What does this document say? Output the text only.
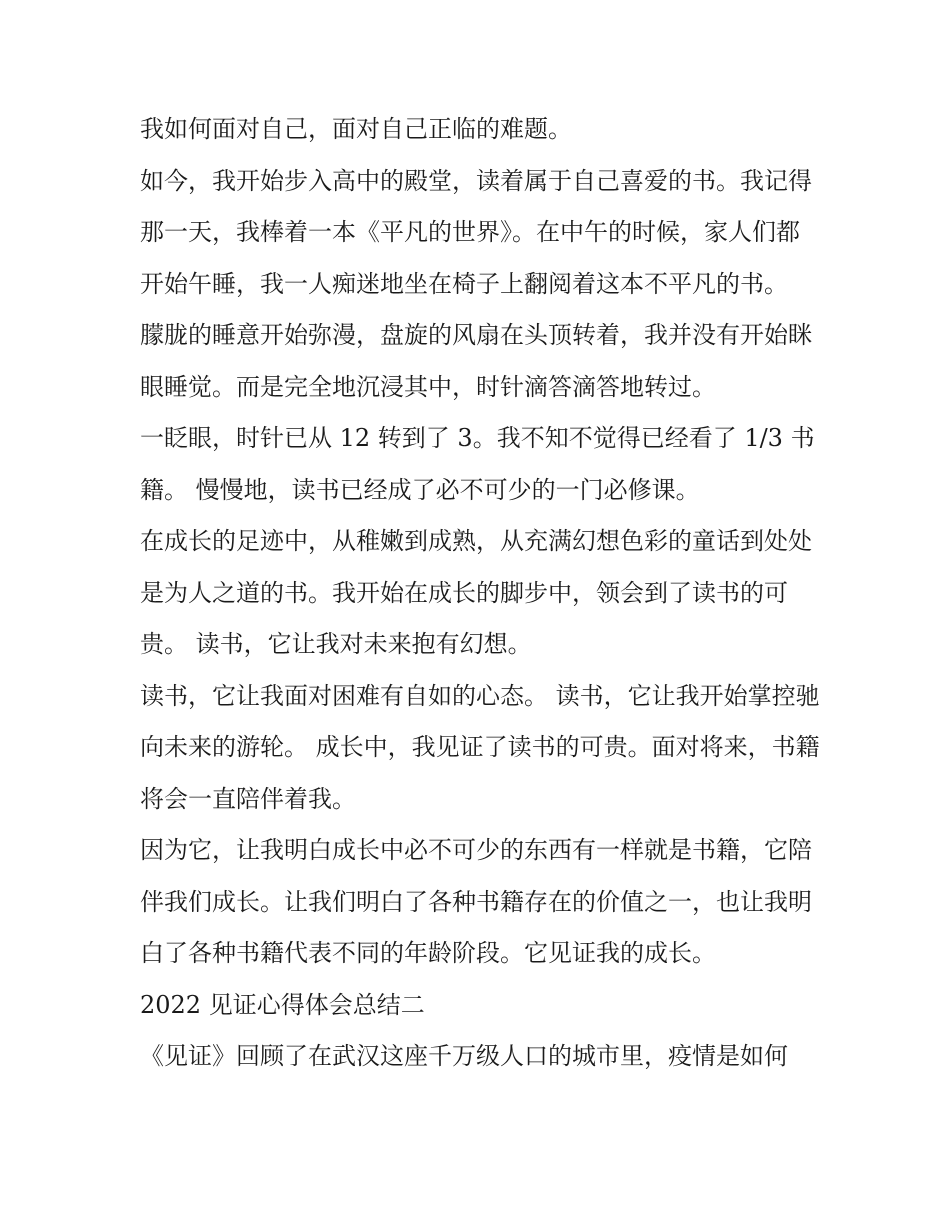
我如何面对自己，面对自己正临的难题。

如今，我开始步入高中的殿堂，读着属于自己喜爱的书。我记得那一天，我棒着一本《平凡的世界》。在中午的时候，家人们都开始午睡，我一人痴迷地坐在椅子上翻阅着这本不平凡的书。

朦胧的睡意开始弥漫，盘旋的风扇在头顶转着，我并没有开始眯眼睡觉。而是完全地沉浸其中，时针滴答滴答地转过。

一眨眼，时针已从 12 转到了 3。我不知不觉得已经看了 1/3 书籍。 慢慢地，读书已经成了必不可少的一门必修课。

在成长的足迹中，从稚嫩到成熟，从充满幻想色彩的童话到处处是为人之道的书。我开始在成长的脚步中，领会到了读书的可贵。 读书，它让我对未来抱有幻想。

读书，它让我面对困难有自如的心态。 读书，它让我开始掌控驰向未来的游轮。 成长中，我见证了读书的可贵。面对将来，书籍将会一直陪伴着我。

因为它，让我明白成长中必不可少的东西有一样就是书籍，它陪伴我们成长。让我们明白了各种书籍存在的价值之一，也让我明白了各种书籍代表不同的年龄阶段。它见证我的成长。

2022 见证心得体会总结二

《见证》回顾了在武汉这座千万级人口的城市里，疫情是如何
